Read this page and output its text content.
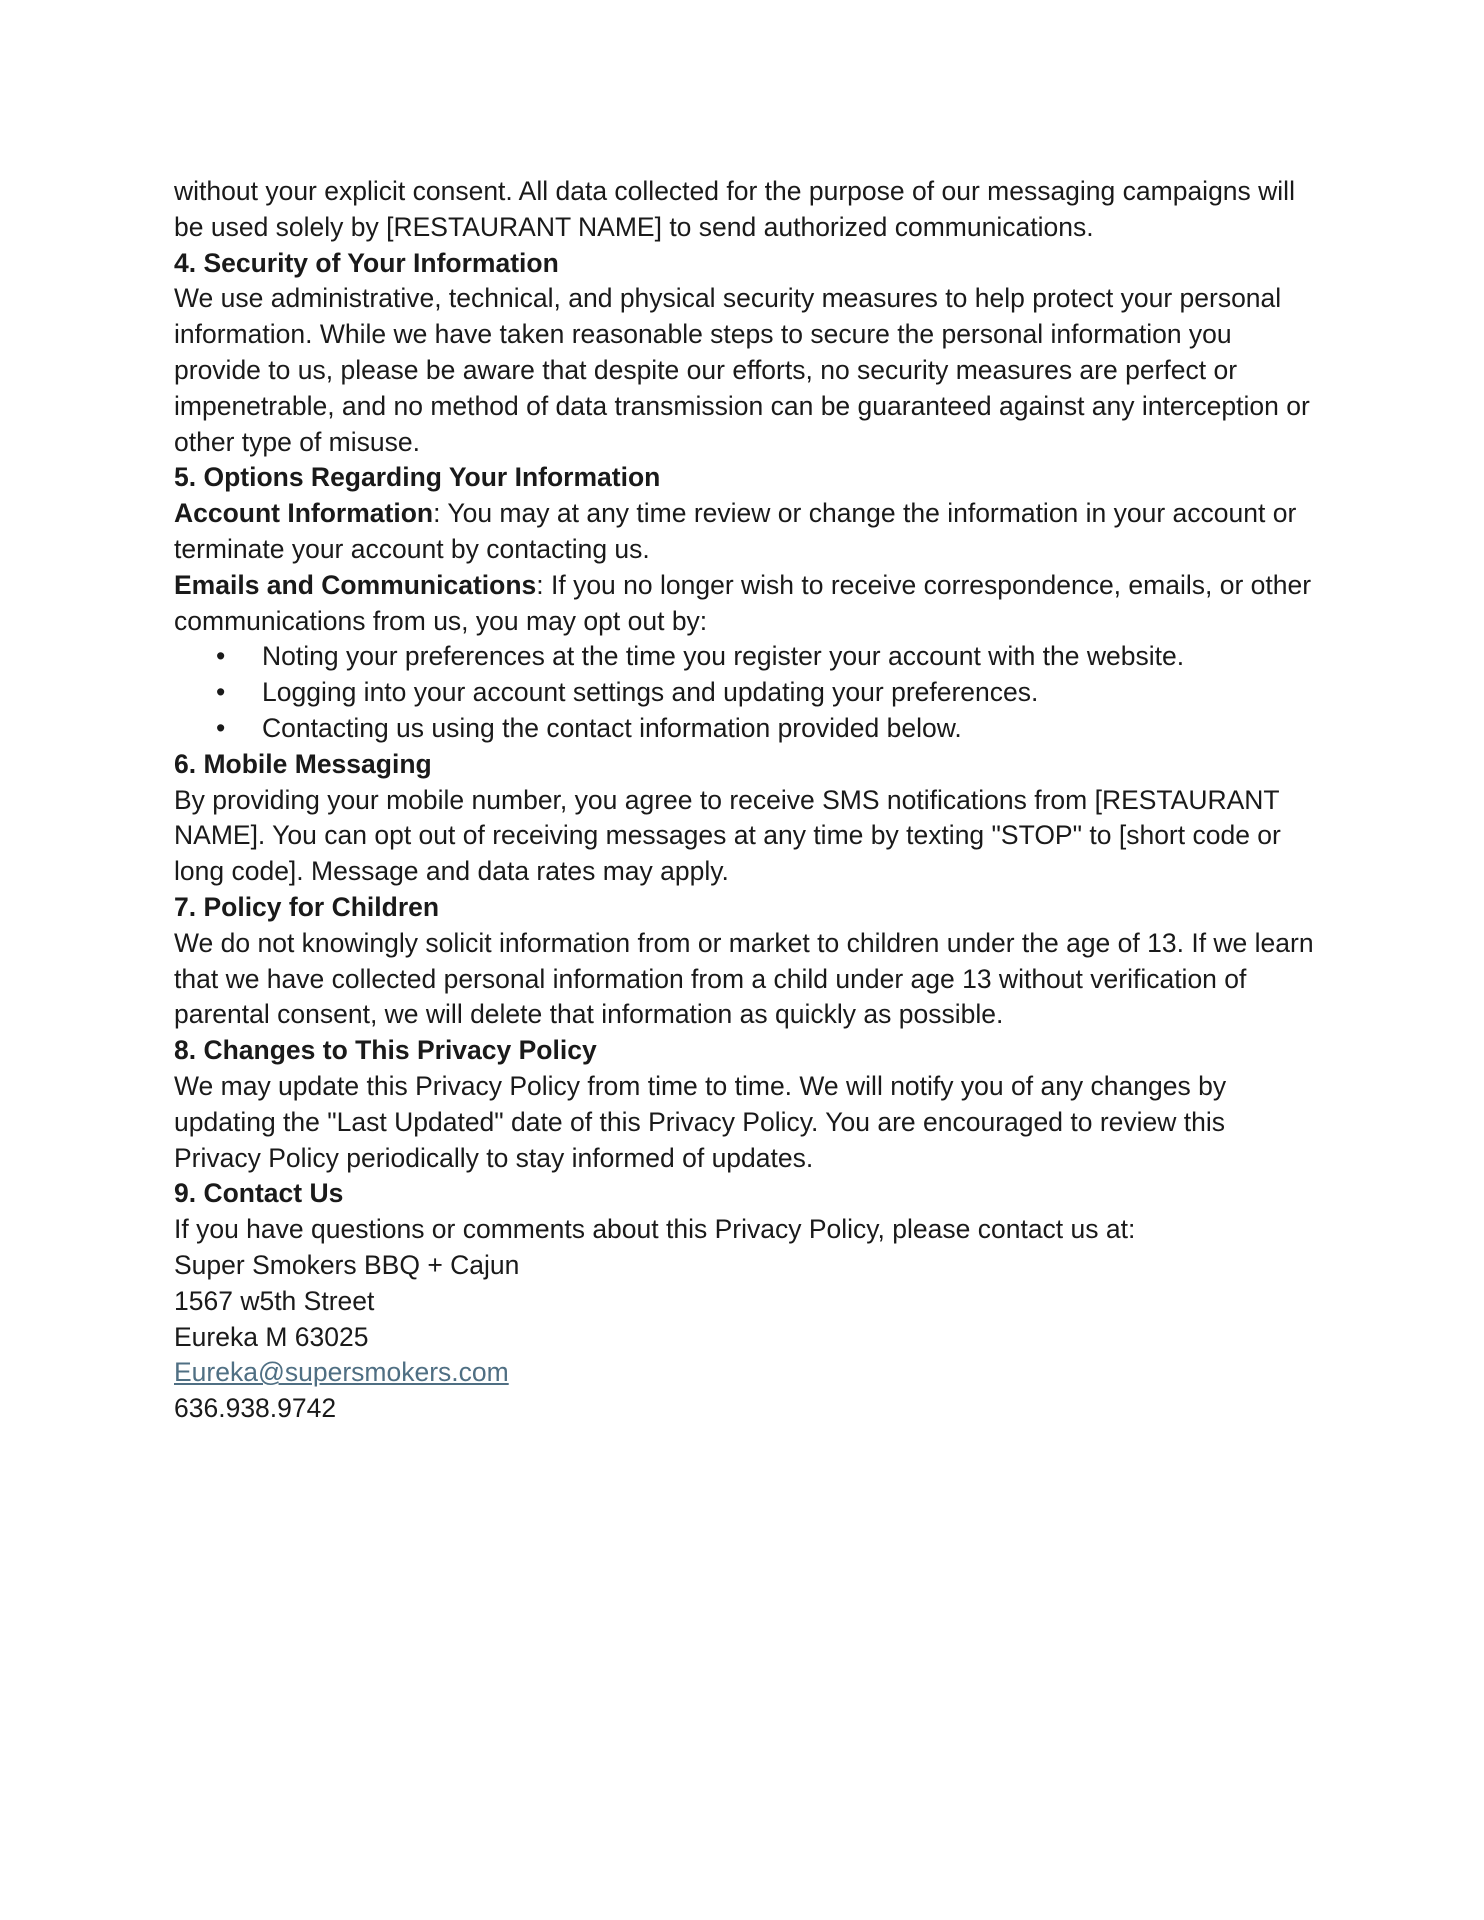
without your explicit consent. All data collected for the purpose of our messaging campaigns will be used solely by [RESTAURANT NAME] to send authorized communications.

4. Security of Your Information

We use administrative, technical, and physical security measures to help protect your personal information. While we have taken reasonable steps to secure the personal information you provide to us, please be aware that despite our efforts, no security measures are perfect or impenetrable, and no method of data transmission can be guaranteed against any interception or other type of misuse.

5. Options Regarding Your Information

Account Information: You may at any time review or change the information in your account or terminate your account by contacting us.

Emails and Communications: If you no longer wish to receive correspondence, emails, or other communications from us, you may opt out by:

• Noting your preferences at the time you register your account with the website.
• Logging into your account settings and updating your preferences.
• Contacting us using the contact information provided below.

6. Mobile Messaging

By providing your mobile number, you agree to receive SMS notifications from [RESTAURANT NAME]. You can opt out of receiving messages at any time by texting "STOP" to [short code or long code]. Message and data rates may apply.

7. Policy for Children

We do not knowingly solicit information from or market to children under the age of 13. If we learn that we have collected personal information from a child under age 13 without verification of parental consent, we will delete that information as quickly as possible.

8. Changes to This Privacy Policy

We may update this Privacy Policy from time to time. We will notify you of any changes by updating the "Last Updated" date of this Privacy Policy. You are encouraged to review this Privacy Policy periodically to stay informed of updates.

9. Contact Us

If you have questions or comments about this Privacy Policy, please contact us at:

Super Smokers BBQ + Cajun

1567 w5th Street

Eureka M 63025

Eureka@supersmokers.com

636.938.9742
